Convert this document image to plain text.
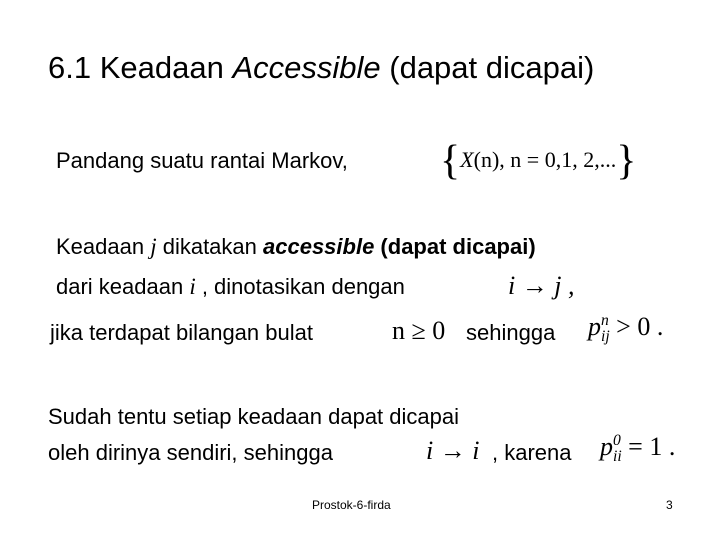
6.1 Keadaan Accessible (dapat dicapai)
Pandang suatu rantai Markov, {X(n), n = 0,1, 2,...}
Keadaan j dikatakan accessible (dapat dicapai)
dari keadaan i , dinotasikan dengan	i → j ,
jika terdapat bilangan bulat	n ≥ 0 sehingga p n
ij > 0 .
Sudah tentu setiap keadaan dapat dicapai
oleh dirinya sendiri, sehingga	i → i , karena p 0
ii = 1 .
Prostok-6-firda	3
